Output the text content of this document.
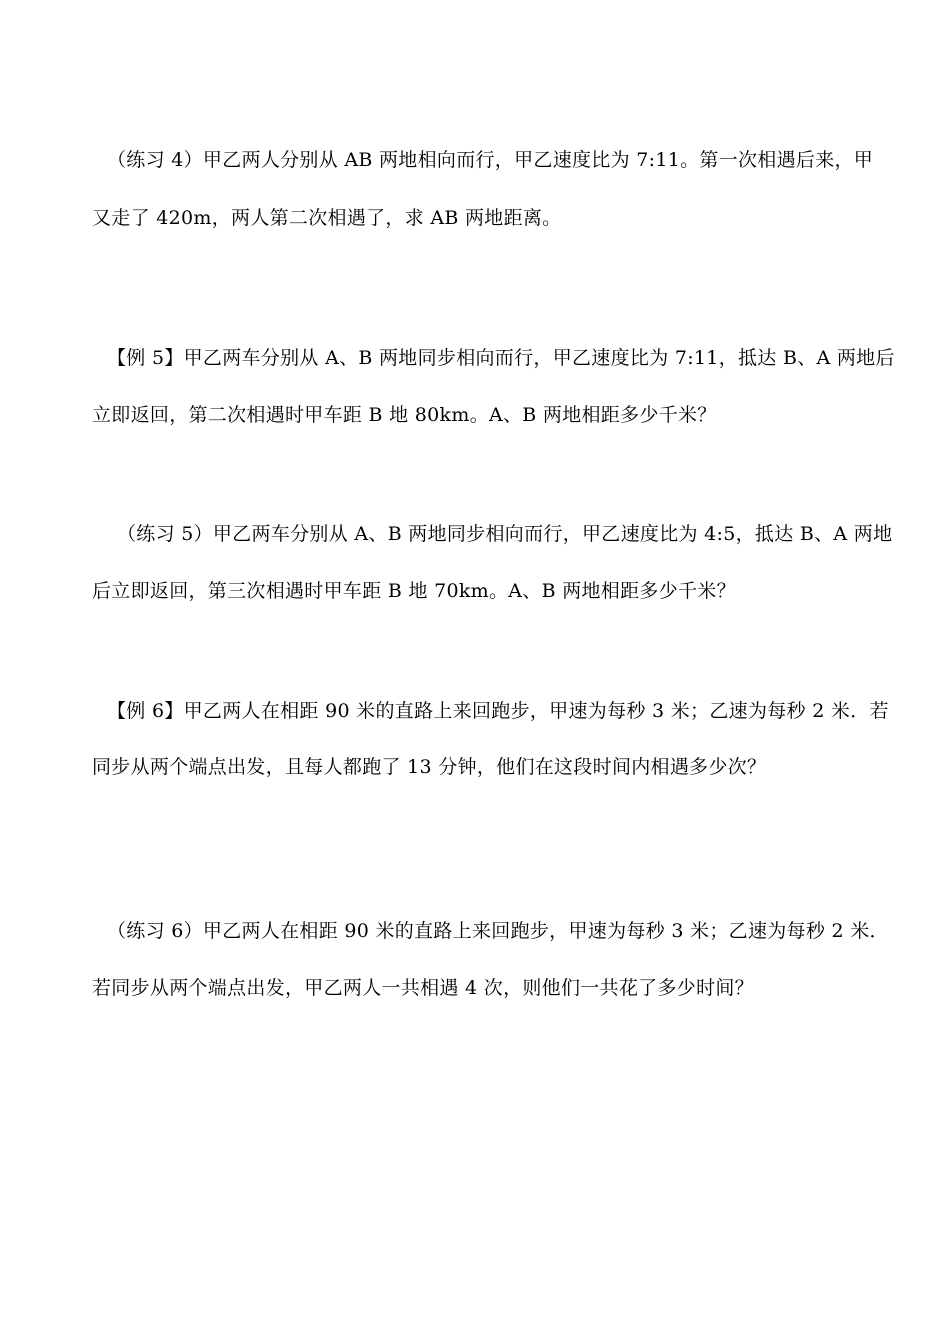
（练习 4）甲乙两人分别从 AB 两地相向而行，甲乙速度比为 7:11。第一次相遇后来，甲
又走了 420m，两人第二次相遇了，求 AB 两地距离。
【例 5】甲乙两车分别从 A、B 两地同步相向而行，甲乙速度比为 7:11，抵达 B、A 两地后
立即返回，第二次相遇时甲车距 B 地 80km。A、B 两地相距多少千米？
（练习 5）甲乙两车分别从 A、B 两地同步相向而行，甲乙速度比为 4:5，抵达 B、A 两地
后立即返回，第三次相遇时甲车距 B 地 70km。A、B 两地相距多少千米？
【例 6】甲乙两人在相距 90 米的直路上来回跑步，甲速为每秒 3 米；乙速为每秒 2 米．若
同步从两个端点出发，且每人都跑了 13 分钟，他们在这段时间内相遇多少次？
（练习 6）甲乙两人在相距 90 米的直路上来回跑步，甲速为每秒 3 米；乙速为每秒 2 米．
若同步从两个端点出发，甲乙两人一共相遇 4 次，则他们一共花了多少时间？
